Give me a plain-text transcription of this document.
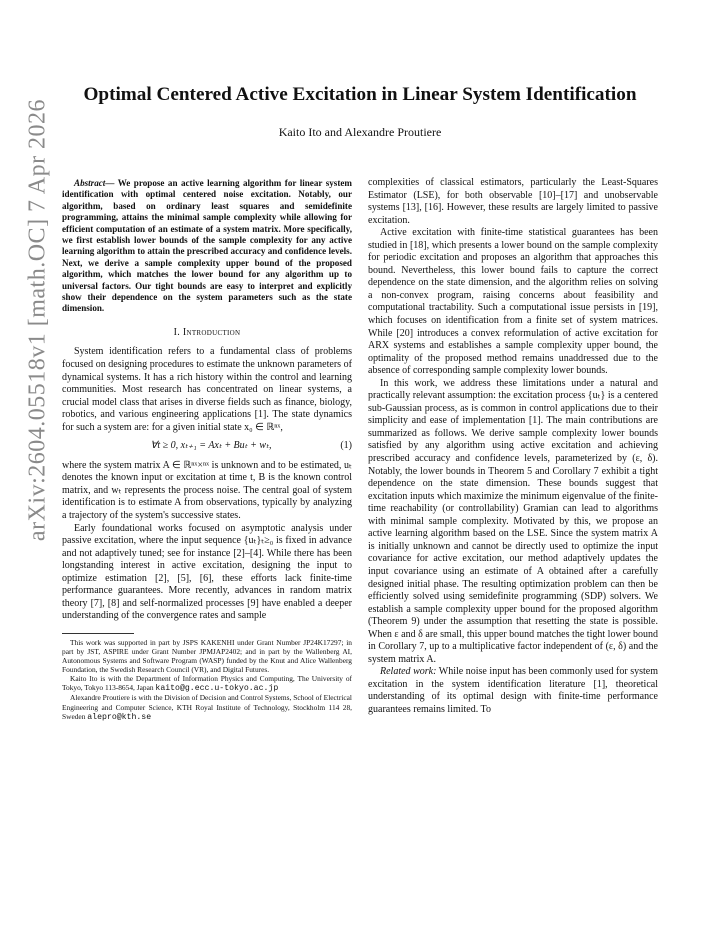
arXiv:2604.05518v1 [math.OC] 7 Apr 2026
Optimal Centered Active Excitation in Linear System Identification
Kaito Ito and Alexandre Proutiere

Abstract— We propose an active learning algorithm for linear system identification with optimal centered noise excitation. Notably, our algorithm, based on ordinary least squares and semidefinite programming, attains the minimal sample complexity while allowing for efficient computation of an estimate of a system matrix. More specifically, we first establish lower bounds of the sample complexity for any active learning algorithm to attain the prescribed accuracy and confidence levels. Next, we derive a sample complexity upper bound of the proposed algorithm, which matches the lower bound for any algorithm up to universal factors. Our tight bounds are easy to interpret and explicitly show their dependence on the system parameters such as the state dimension.

I. Introduction

System identification refers to a fundamental class of problems focused on designing procedures to estimate the unknown parameters of dynamical systems. It has a rich history within the control and learning communities. Most research has concentrated on linear systems, a crucial model class that arises in diverse fields such as finance, biology, robotics, and various engineering applications [1]. The state dynamics for such a system are: for a given initial state x₀ ∈ ℝⁿˣ,

∀t ≥ 0, xₜ₊₁ = Axₜ + Buₜ + wₜ,	(1)

where the system matrix A ∈ ℝⁿˣ×ⁿˣ is unknown and to be estimated, uₜ denotes the known input or excitation at time t, B is the known control matrix, and wₜ represents the process noise. The central goal of system identification is to estimate A from observations, typically by analyzing a trajectory of the system's successive states.

Early foundational works focused on asymptotic analysis under passive excitation, where the input sequence {uₜ}ₜ≥₀ is fixed in advance and not adaptively tuned; see for instance [2]–[4]. While there has been longstanding interest in active excitation, designing the input to optimize estimation [2], [5], [6], these efforts lack finite-time performance guarantees. More recently, advances in random matrix theory [7], [8] and self-normalized processes [9] have enabled a deeper understanding of the convergence rates and sample

This work was supported in part by JSPS KAKENHI under Grant Number JP24K17297; in part by JST, ASPIRE under Grant Number JPMJAP2402; and in part by the Wallenberg AI, Autonomous Systems and Software Program (WASP) funded by the Knut and Alice Wallenberg Foundation, the Swedish Research Council (VR), and Digital Futures.

Kaito Ito is with the Department of Information Physics and Computing, The University of Tokyo, Tokyo 113-8654, Japan kaito@g.ecc.u-tokyo.ac.jp

Alexandre Proutiere is with the Division of Decision and Control Systems, School of Electrical Engineering and Computer Science, KTH Royal Institute of Technology, Stockholm 114 28, Sweden alepro@kth.se

complexities of classical estimators, particularly the Least-Squares Estimator (LSE), for both observable [10]–[17] and unobservable systems [13], [16]. However, these results are largely limited to passive excitation.

Active excitation with finite-time statistical guarantees has been studied in [18], which presents a lower bound on the sample complexity for periodic excitation and proposes an algorithm that approaches this bound. Nevertheless, this lower bound fails to capture the correct dependence on the state dimension, and the algorithm relies on solving a non-convex program, raising concerns about feasibility and computational tractability. Such a computational issue persists in [19], which focuses on identification from a finite set of system matrices. While [20] introduces a convex reformulation of active excitation for ARX systems and establishes a sample complexity upper bound, the optimality of the proposed method remains unaddressed due to the absence of corresponding sample complexity lower bounds.

In this work, we address these limitations under a natural and practically relevant assumption: the excitation process {uₜ} is a centered sub-Gaussian process, as is common in control applications due to their simplicity and ease of implementation [1]. The main contributions are summarized as follows. We derive sample complexity lower bounds satisfied by any algorithm using active excitation and achieving prescribed accuracy and confidence levels, parameterized by (ε, δ). Notably, the lower bounds in Theorem 5 and Corollary 7 exhibit a tight dependence on the state dimension. These bounds suggest that excitation inputs which maximize the minimum eigenvalue of the finite-time reachability (or controllability) Gramian can lead to algorithms with minimal sample complexity. Motivated by this, we propose an active learning algorithm based on the LSE. Since the system matrix A is initially unknown and cannot be directly used to optimize the input covariance for active excitation, our method adaptively updates the input covariance using an estimate of A obtained after a carefully designed initial phase. The resulting optimization problem can then be efficiently solved using semidefinite programming (SDP) solvers. We establish a sample complexity upper bound for the proposed algorithm (Theorem 9) under the assumption that resetting the state is possible. When ε and δ are small, this upper bound matches the tight lower bound in Corollary 7, up to a multiplicative factor independent of (ε, δ) and the system matrix A.

Related work: While noise input has been commonly used for system excitation in the system identification literature [1], theoretical understanding of its optimal design with finite-time performance guarantees remains limited. To
